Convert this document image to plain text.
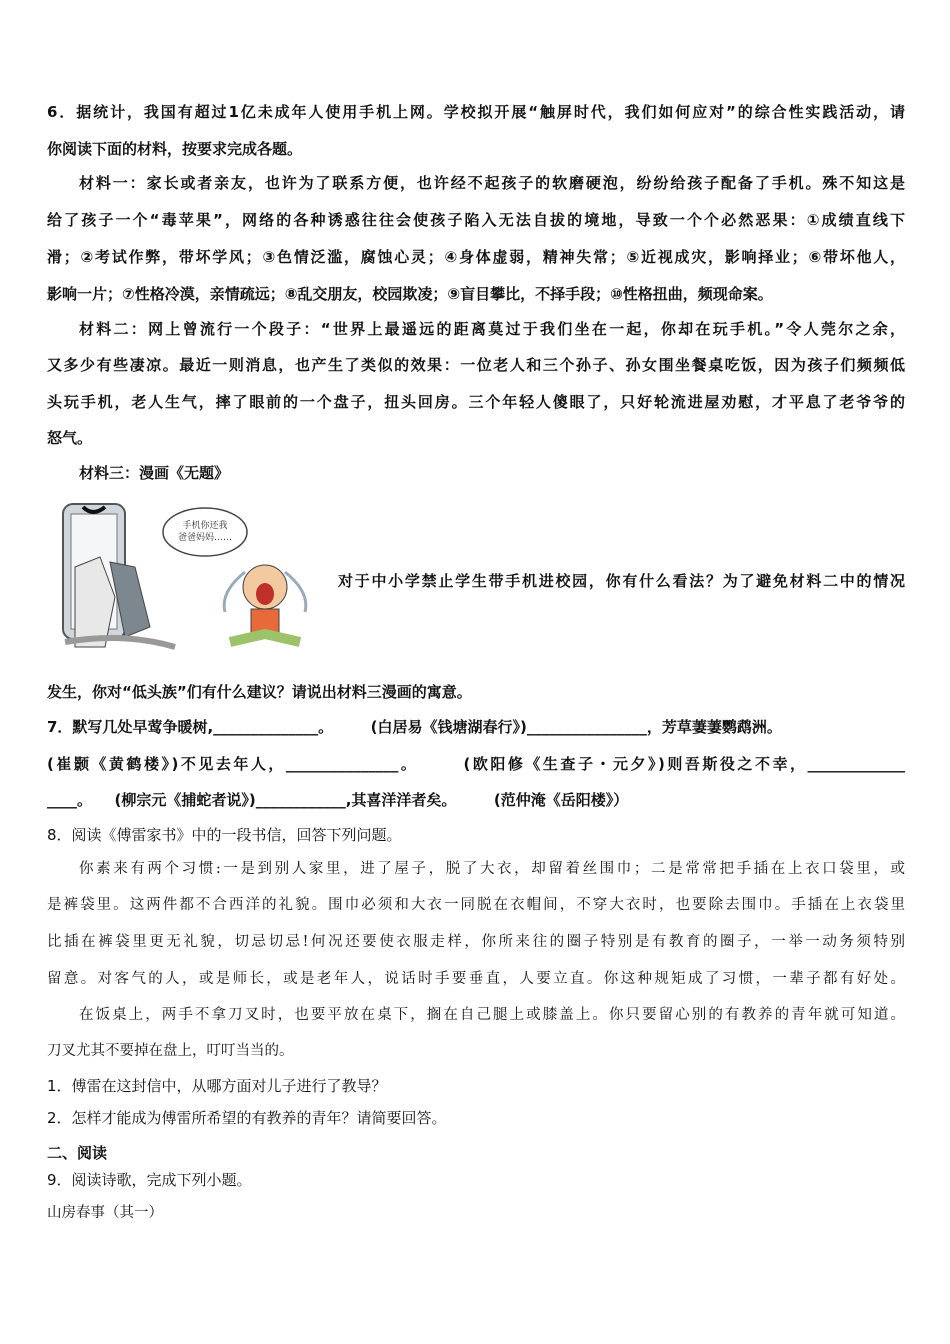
6．据统计，我国有超过1亿未成年人使用手机上网。学校拟开展“触屏时代，我们如何应对”的综合性实践活动，请
你阅读下面的材料，按要求完成各题。
材料一：家长或者亲友，也许为了联系方便，也许经不起孩子的软磨硬泡，纷纷给孩子配备了手机。殊不知这是
给了孩子一个“毒苹果”，网络的各种诱惑往往会使孩子陷入无法自拔的境地，导致一个个必然恶果：①成绩直线下
滑；②考试作弊，带坏学风；③色情泛滥，腐蚀心灵；④身体虚弱，精神失常；⑤近视成灾，影响择业；⑥带坏他人，
影响一片；⑦性格冷漠，亲情疏远；⑧乱交朋友，校园欺凌；⑨盲目攀比，不择手段；⑩性格扭曲，频现命案。
材料二：网上曾流行一个段子：“世界上最遥远的距离莫过于我们坐在一起，你却在玩手机。”令人莞尔之余，
又多少有些凄凉。最近一则消息，也产生了类似的效果：一位老人和三个孙子、孙女围坐餐桌吃饭，因为孩子们频频低
头玩手机，老人生气，摔了眼前的一个盘子，扭头回房。三个年轻人傻眼了，只好轮流进屋劝慰，才平息了老爷爷的
怒气。
材料三：漫画《无题》
手机你还我
爸爸妈妈……
对于中小学禁止学生带手机进校园，你有什么看法？为了避免材料二中的情况
发生，你对“低头族”们有什么建议？请说出材料三漫画的寓意。
7．默写几处早莺争暖树,______________。　　　(白居易《钱塘湖春行》)________________，芳草萋萋鹦鹉洲。
(崔颢《黄鹤楼》)不见去年人，_______________。　　　(欧阳修《生查子・元夕》)则吾斯役之不幸，_____________
____。　　(柳宗元《捕蛇者说》)____________,其喜洋洋者矣。　　　(范仲淹《岳阳楼》）
8．阅读《傅雷家书》中的一段书信，回答下列问题。
你素来有两个习惯:一是到别人家里，进了屋子，脱了大衣，却留着丝围巾；二是常常把手插在上衣口袋里，或
是裤袋里。这两件都不合西洋的礼貌。围巾必须和大衣一同脱在衣帽间，不穿大衣时，也要除去围巾。手插在上衣袋里
比插在裤袋里更无礼貌，切忌切忌!何况还要使衣服走样，你所来往的圈子特别是有教育的圈子，一举一动务须特别
留意。对客气的人，或是师长，或是老年人，说话时手要垂直，人要立直。你这种规矩成了习惯，一辈子都有好处。
在饭桌上，两手不拿刀叉时，也要平放在桌下，搁在自己腿上或膝盖上。你只要留心别的有教养的青年就可知道。
刀叉尤其不要掉在盘上，叮叮当当的。
1．傅雷在这封信中，从哪方面对儿子进行了教导？
2．怎样才能成为傅雷所希望的有教养的青年？请简要回答。
二、阅读
9．阅读诗歌，完成下列小题。
山房春事（其一）
